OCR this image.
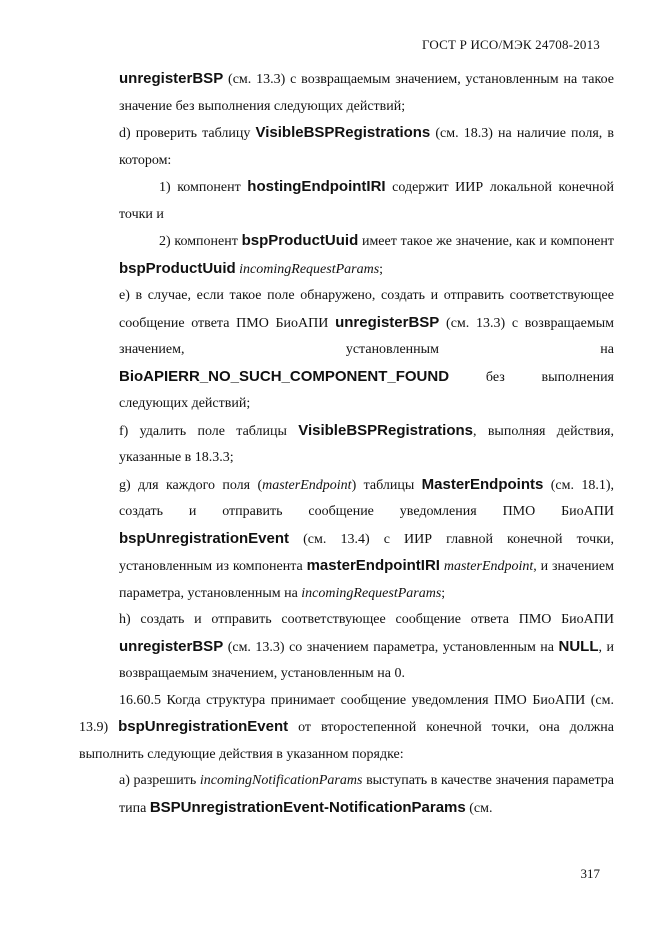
ГОСТ Р ИСО/МЭК 24708-2013

unregisterBSP (см. 13.3) с возвращаемым значением, установленным на такое значение без выполнения следующих действий;

d) проверить таблицу VisibleBSPRegistrations (см. 18.3) на наличие поля, в котором:

1) компонент hostingEndpointIRI содержит ИИР локальной конечной точки и

2) компонент bspProductUuid имеет такое же значение, как и компонент bspProductUuid incomingRequestParams;

e) в случае, если такое поле обнаружено, создать и отправить соответствующее сообщение ответа ПМО БиоАПИ unregisterBSP (см. 13.3) с возвращаемым значением, установленным на BioAPIERR_NO_SUCH_COMPONENT_FOUND без выполнения следующих действий;

f) удалить поле таблицы VisibleBSPRegistrations, выполняя действия, указанные в 18.3.3;

g) для каждого поля (masterEndpoint) таблицы MasterEndpoints (см. 18.1), создать и отправить сообщение уведомления ПМО БиоАПИ bspUnregistrationEvent (см. 13.4) с ИИР главной конечной точки, установленным из компонента masterEndpointIRI masterEndpoint, и значением параметра, установленным на incomingRequestParams;

h) создать и отправить соответствующее сообщение ответа ПМО БиоАПИ unregisterBSP (см. 13.3) со значением параметра, установленным на NULL, и возвращаемым значением, установленным на 0.

16.60.5 Когда структура принимает сообщение уведомления ПМО БиоАПИ (см. 13.9) bspUnregistrationEvent от второстепенной конечной точки, она должна выполнить следующие действия в указанном порядке:

a) разрешить incomingNotificationParams выступать в качестве значения параметра типа BSPUnregistrationEvent-NotificationParams (см.

317
